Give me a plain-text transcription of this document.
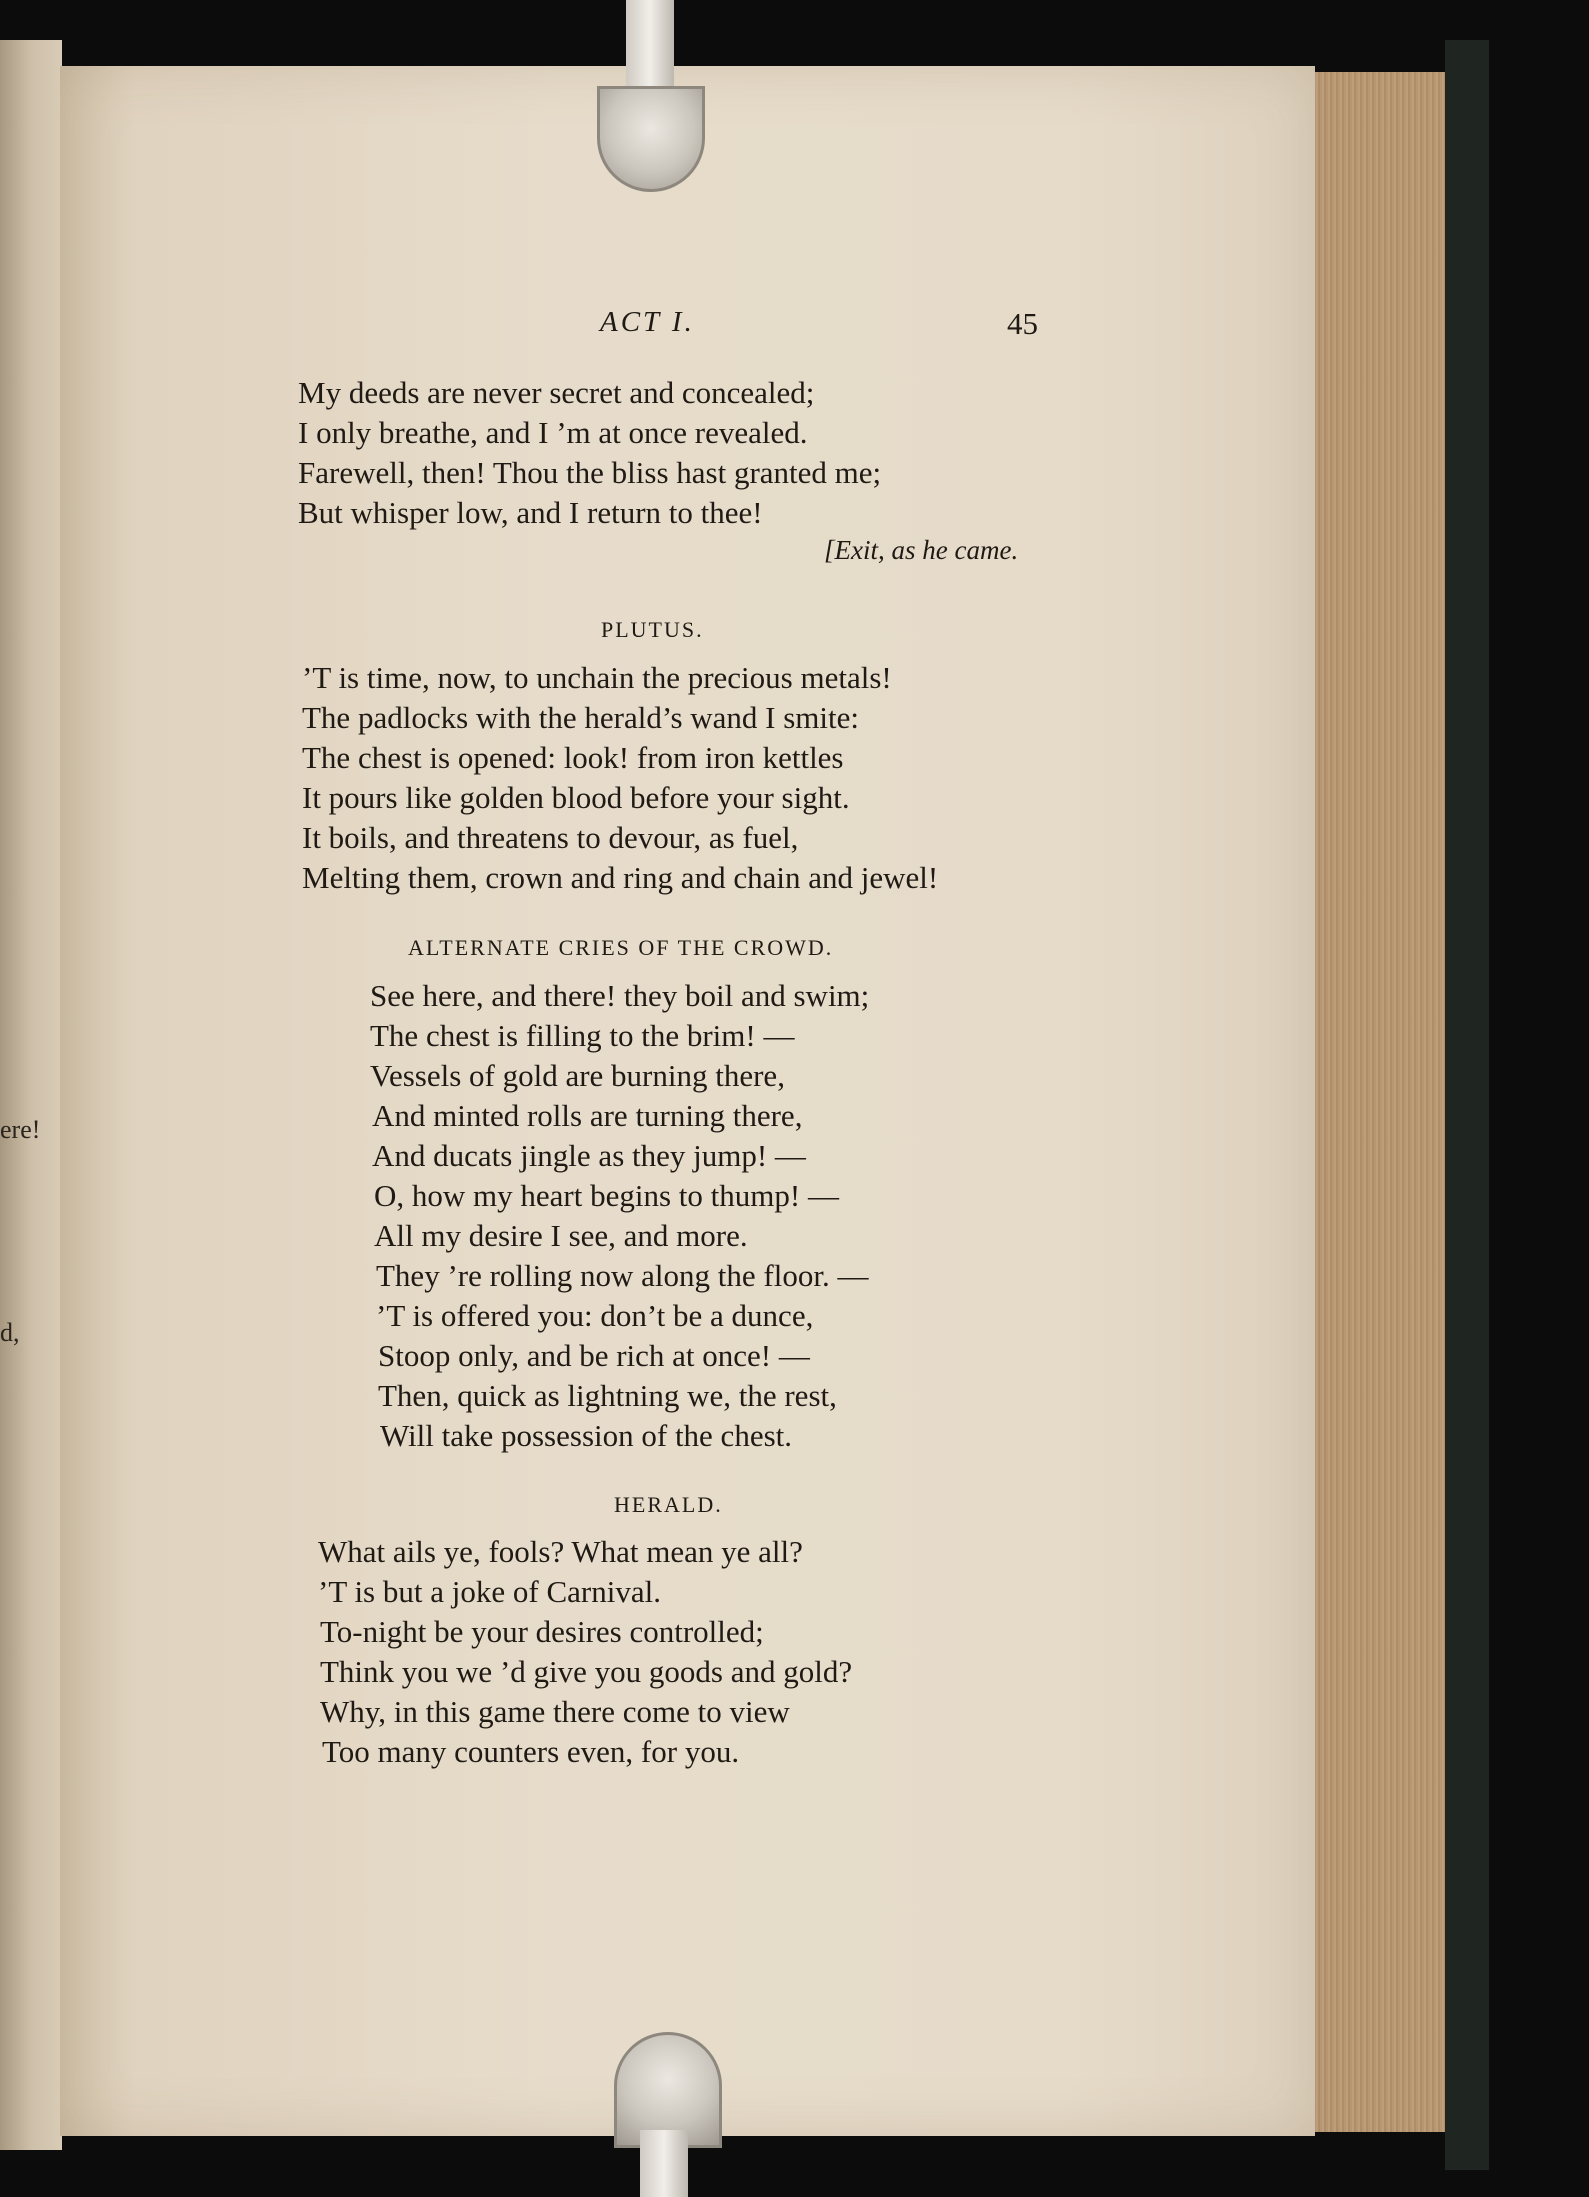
ere!
d,
ACT I.	45
My deeds are never secret and concealed;
I only breathe, and I ’m at once revealed.
Farewell, then! Thou the bliss hast granted me;
But whisper low, and I return to thee!
[Exit, as he came.
PLUTUS.
’T is time, now, to unchain the precious metals!
The padlocks with the herald’s wand I smite:
The chest is opened: look! from iron kettles
It pours like golden blood before your sight.
It boils, and threatens to devour, as fuel,
Melting them, crown and ring and chain and jewel!
ALTERNATE CRIES OF THE CROWD.
See here, and there! they boil and swim;
The chest is filling to the brim! —
Vessels of gold are burning there,
And minted rolls are turning there,
And ducats jingle as they jump! —
O, how my heart begins to thump! —
All my desire I see, and more.
They ’re rolling now along the floor. —
’T is offered you: don’t be a dunce,
Stoop only, and be rich at once! —
Then, quick as lightning we, the rest,
Will take possession of the chest.
HERALD.
What ails ye, fools? What mean ye all?
’T is but a joke of Carnival.
To-night be your desires controlled;
Think you we ’d give you goods and gold?
Why, in this game there come to view
Too many counters even, for you.
